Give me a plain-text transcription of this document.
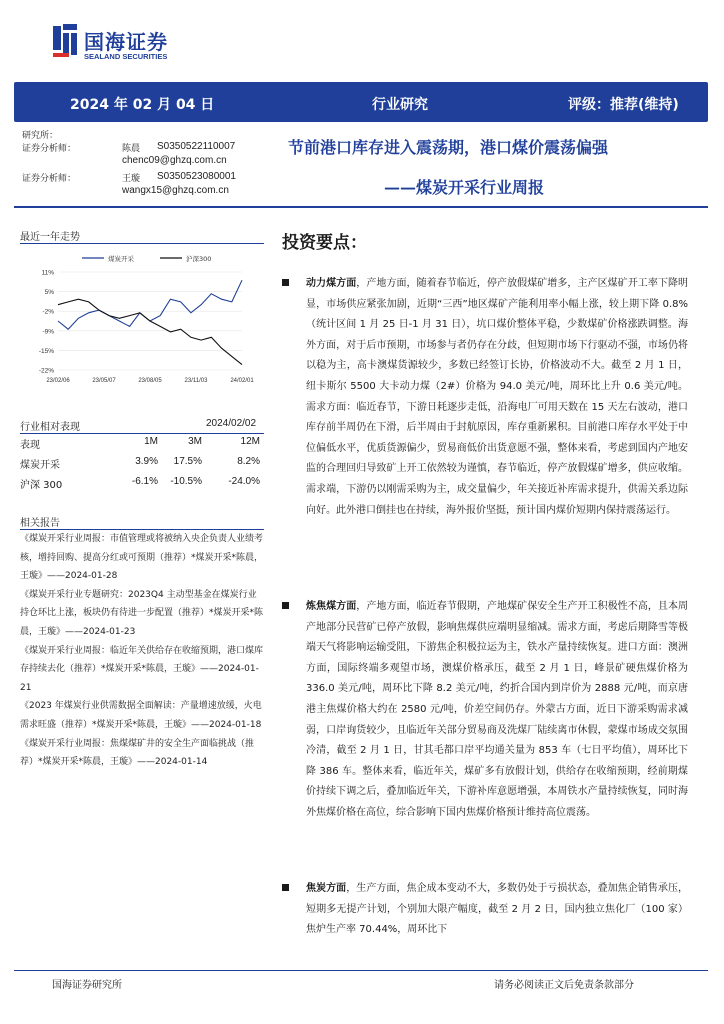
国海证券
SEALAND SECURITIES
2024 年 02 月 04 日	行业研究	评级：推荐(维持)
研究所：
证券分析师：	陈晨 S0350522110007
chenc09@ghzq.com.cn
证券分析师：	王璇 S0350523080001
wangx15@ghzq.com.cn
节前港口库存进入震荡期，港口煤价震荡偏强
——煤炭开采行业周报
最近一年走势
煤炭开采	沪深300
11%
5%
-2%
-9%
-15%
-22%
23/02/06	23/05/07	23/08/05	23/11/03	24/02/01
行业相对表现	2024/02/02
表现	1M	3M	12M
煤炭开采	3.9% 17.5%	8.2%
沪深 300	-6.1% -10.5%	-24.0%
相关报告

《煤炭开采行业周报：市值管理或将被纳入央企负责人业绩考核，增持回购、提高分红或可预期（推荐）*煤炭开采*陈晨，王璇》——2024-01-28

《煤炭开采行业专题研究：2023Q4 主动型基金在煤炭行业持仓环比上涨，板块仍有待进一步配置（推荐）*煤炭开采*陈晨，王璇》——2024-01-23

《煤炭开采行业周报：临近年关供给存在收缩预期，港口煤库存持续去化（推荐）*煤炭开采*陈晨，王璇》——2024-01-21

《2023 年煤炭行业供需数据全面解读：产量增速放缓，火电需求旺盛（推荐）*煤炭开采*陈晨，王璇》——2024-01-18

《煤炭开采行业周报：焦煤煤矿井的安全生产面临挑战（推荐）*煤炭开采*陈晨，王璇》——2024-01-14

投资要点：
动力煤方面，产地方面，随着春节临近，停产放假煤矿增多，主产区煤矿开工率下降明显，市场供应紧张加剧，近期“三西”地区煤矿产能利用率小幅上涨，较上期下降 0.8%（统计区间 1 月 25 日-1 月 31 日），坑口煤价整体平稳，少数煤矿价格涨跌调整。海外方面，对于后市预期，市场参与者仍存在分歧，但短期市场下行驱动不强，市场仍将以稳为主，高卡澳煤货源较少，多数已经签订长协，价格波动不大。截至 2 月 1 日，纽卡斯尔 5500 大卡动力煤（2#）价格为 94.0 美元/吨，周环比上升 0.6 美元/吨。需求方面：临近春节，下游日耗逐步走低，沿海电厂可用天数在 15 天左右波动，港口库存前半周仍在下滑，后半周由于封航原因，库存重新累积。目前港口库存水平处于中位偏低水平，优质货源偏少，贸易商低价出货意愿不强，整体来看，考虑到国内产地安监的合理回归导致矿上开工依然较为谨慎，春节临近，停产放假煤矿增多，供应收缩。需求端，下游仍以刚需采购为主，成交量偏少，年关接近补库需求提升，供需关系边际向好。此外港口倒挂也在持续，海外报价坚挺，预计国内煤价短期内保持震荡运行。
炼焦煤方面，产地方面，临近春节假期，产地煤矿保安全生产开工积极性不高，且本周产地部分民营矿已停产放假，影响焦煤供应端明显缩减。需求方面，考虑后期降雪等极端天气将影响运输受阻，下游焦企积极拉运为主，铁水产量持续恢复。进口方面：澳洲方面，国际终端多观望市场，澳煤价格承压，截至 2 月 1 日，峰景矿硬焦煤价格为 336.0 美元/吨，周环比下降 8.2 美元/吨，约折合国内到岸价为 2888 元/吨，而京唐港主焦煤价格大约在 2580 元/吨，价差空间仍存。外蒙古方面，近日下游采购需求减弱，口岸询货较少，且临近年关部分贸易商及洗煤厂陆续离市休假，蒙煤市场成交氛围冷清，截至 2 月 1 日，甘其毛都口岸平均通关量为 853 车（七日平均值），周环比下降 386 车。整体来看，临近年关，煤矿多有放假计划，供给存在收缩预期，经前期煤价持续下调之后，叠加临近年关，下游补库意愿增强，本周铁水产量持续恢复，同时海外焦煤价格在高位，综合影响下国内焦煤价格预计维持高位震荡。
焦炭方面，生产方面，焦企成本变动不大，多数仍处于亏损状态，叠加焦企销售承压，短期多无提产计划，个别加大限产幅度，截至 2 月 2 日，国内独立焦化厂（100 家）焦炉生产率 70.44%，周环比下
国海证券研究所	请务必阅读正文后免责条款部分
